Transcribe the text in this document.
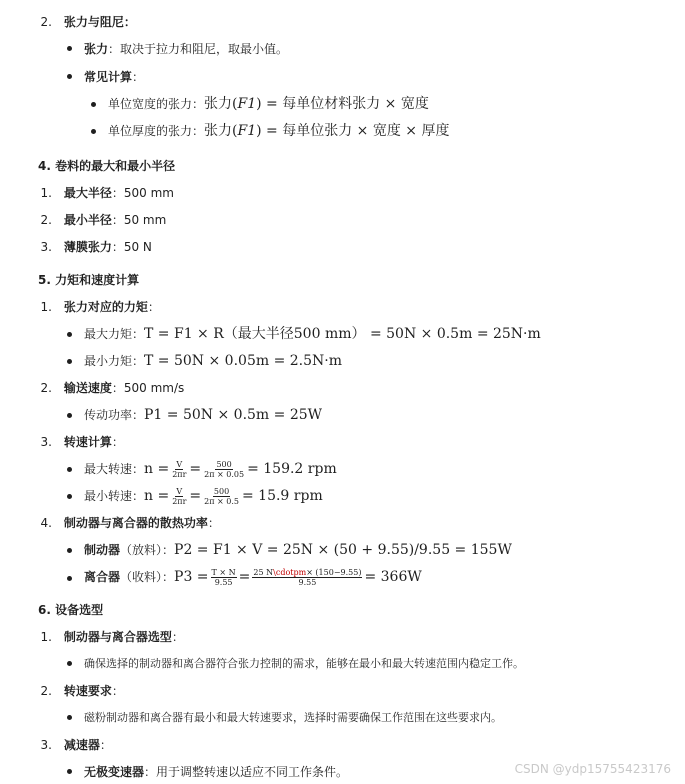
2. 张力与阻尼：
张力：取决于拉力和阻尼，取最小值。
常见计算：
单位宽度的张力：张力(F1) = 每单位材料张力 × 宽度
单位厚度的张力：张力(F1) = 每单位张力 × 宽度 × 厚度
4. 卷料的最大和最小半径
1. 最大半径：500 mm
2. 最小半径：50 mm
3. 薄膜张力：50 N
5. 力矩和速度计算
1. 张力对应的力矩：
最大力矩：T = F1 × R（最大半径500 mm） = 50N × 0.5m = 25N·m
最小力矩：T = 50N × 0.05m = 2.5N·m
2. 输送速度：500 mm/s
传动功率：P1 = 50N × 0.5m = 25W
3. 转速计算：
最大转速：$n = \frac{V}{2\pi r} = \frac{500}{2\pi \times 0.05} = 159.2$ rpm
最小转速：$n = \frac{V}{2\pi r} = \frac{500}{2\pi \times 0.5} = 15.9$ rpm
4. 制动器与离合器的散热功率：
制动器（放料）：P2 = F1 × V = 25N × (50 + 9.55)/9.55 = 155W
离合器（收料）：$P3 = \frac{T \times N}{9.55} = \frac{\text{25 N\textbackslash{}cdotpm× (150−9.55)}}{9.55} = 366W$
6. 设备选型
1. 制动器与离合器选型：
确保选择的制动器和离合器符合张力控制的需求，能够在最小和最大转速范围内稳定工作。
2. 转速要求：
磁粉制动器和离合器有最小和最大转速要求，选择时需要确保工作范围在这些要求内。
3. 减速器：
无极变速器：用于调整转速以适应不同工作条件。	CSDN @ydp15755423176
